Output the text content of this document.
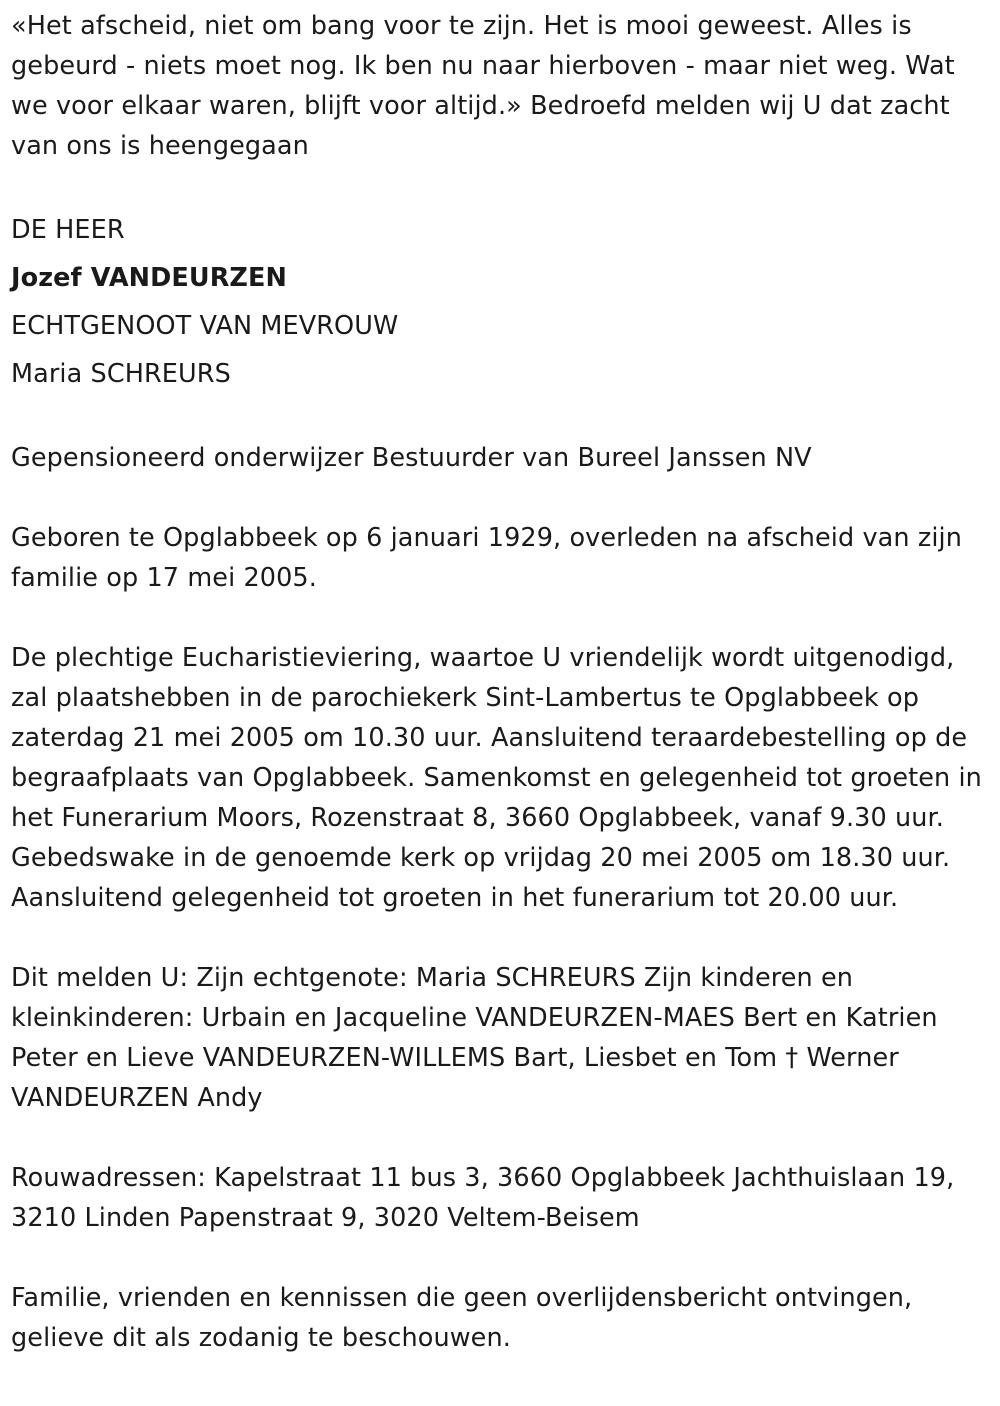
«Het afscheid, niet om bang voor te zijn. Het is mooi geweest. Alles is gebeurd - niets moet nog. Ik ben nu naar hierboven - maar niet weg. Wat we voor elkaar waren, blijft voor altijd.» Bedroefd melden wij U dat zacht van ons is heengegaan

DE HEER

Jozef VANDEURZEN

ECHTGENOOT VAN MEVROUW

Maria SCHREURS

Gepensioneerd onderwijzer Bestuurder van Bureel Janssen NV

Geboren te Opglabbeek op 6 januari 1929, overleden na afscheid van zijn familie op 17 mei 2005.

De plechtige Eucharistieviering, waartoe U vriendelijk wordt uitgenodigd, zal plaatshebben in de parochiekerk Sint-Lambertus te Opglabbeek op zaterdag 21 mei 2005 om 10.30 uur. Aansluitend teraardebestelling op de begraafplaats van Opglabbeek. Samenkomst en gelegenheid tot groeten in het Funerarium Moors, Rozenstraat 8, 3660 Opglabbeek, vanaf 9.30 uur. Gebedswake in de genoemde kerk op vrijdag 20 mei 2005 om 18.30 uur. Aansluitend gelegenheid tot groeten in het funerarium tot 20.00 uur.

Dit melden U: Zijn echtgenote: Maria SCHREURS Zijn kinderen en kleinkinderen: Urbain en Jacqueline VANDEURZEN-MAES Bert en Katrien Peter en Lieve VANDEURZEN-WILLEMS Bart, Liesbet en Tom † Werner VANDEURZEN Andy

Rouwadressen: Kapelstraat 11 bus 3, 3660 Opglabbeek Jachthuislaan 19, 3210 Linden Papenstraat 9, 3020 Veltem-Beisem

Familie, vrienden en kennissen die geen overlijdensbericht ontvingen, gelieve dit als zodanig te beschouwen.
